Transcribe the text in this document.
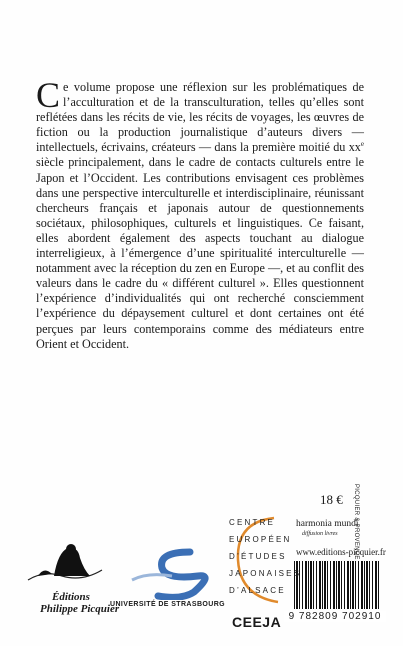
Ce volume propose une réflexion sur les problématiques de l’acculturation et de la transculturation, telles qu’elles sont reflétées dans les récits de vie, les récits de voyages, les œuvres de fiction ou la production journalistique d’auteurs divers — intellectuels, écrivains, créateurs — dans la première moitié du $xx^e$ siècle principalement, dans le cadre de contacts culturels entre le Japon et l’Occident. Les contributions envisagent ces problèmes dans une perspective interculturelle et interdisciplinaire, réunissant chercheurs français et japonais autour de questionnements sociétaux, philosophiques, culturels et linguistiques. Ce faisant, elles abordent également des aspects touchant au dialogue interreligieux, à l’émergence d’une spiritualité interculturelle — notamment avec la réception du zen en Europe —, et au conflit des valeurs dans le cadre du « différent culturel ». Elles questionnent l’expérience d’individualités qui ont recherché consciemment l’expérience du dépaysement culturel et dont certaines ont été perçues par leurs contemporains comme des médiateurs entre Orient et Occident.

18 € PICQUIER & PROVENCE
harmonia mundi
diffusion livres
www.editions-picquier.fr
9 782809 702910
Éditions
Philippe Picquier
UNIVERSITÉ DE STRASBOURG
CENTRE
EUROPÉEN
D’ÉTUDES
JAPONAISES
D’ALSACE
CEEJA
